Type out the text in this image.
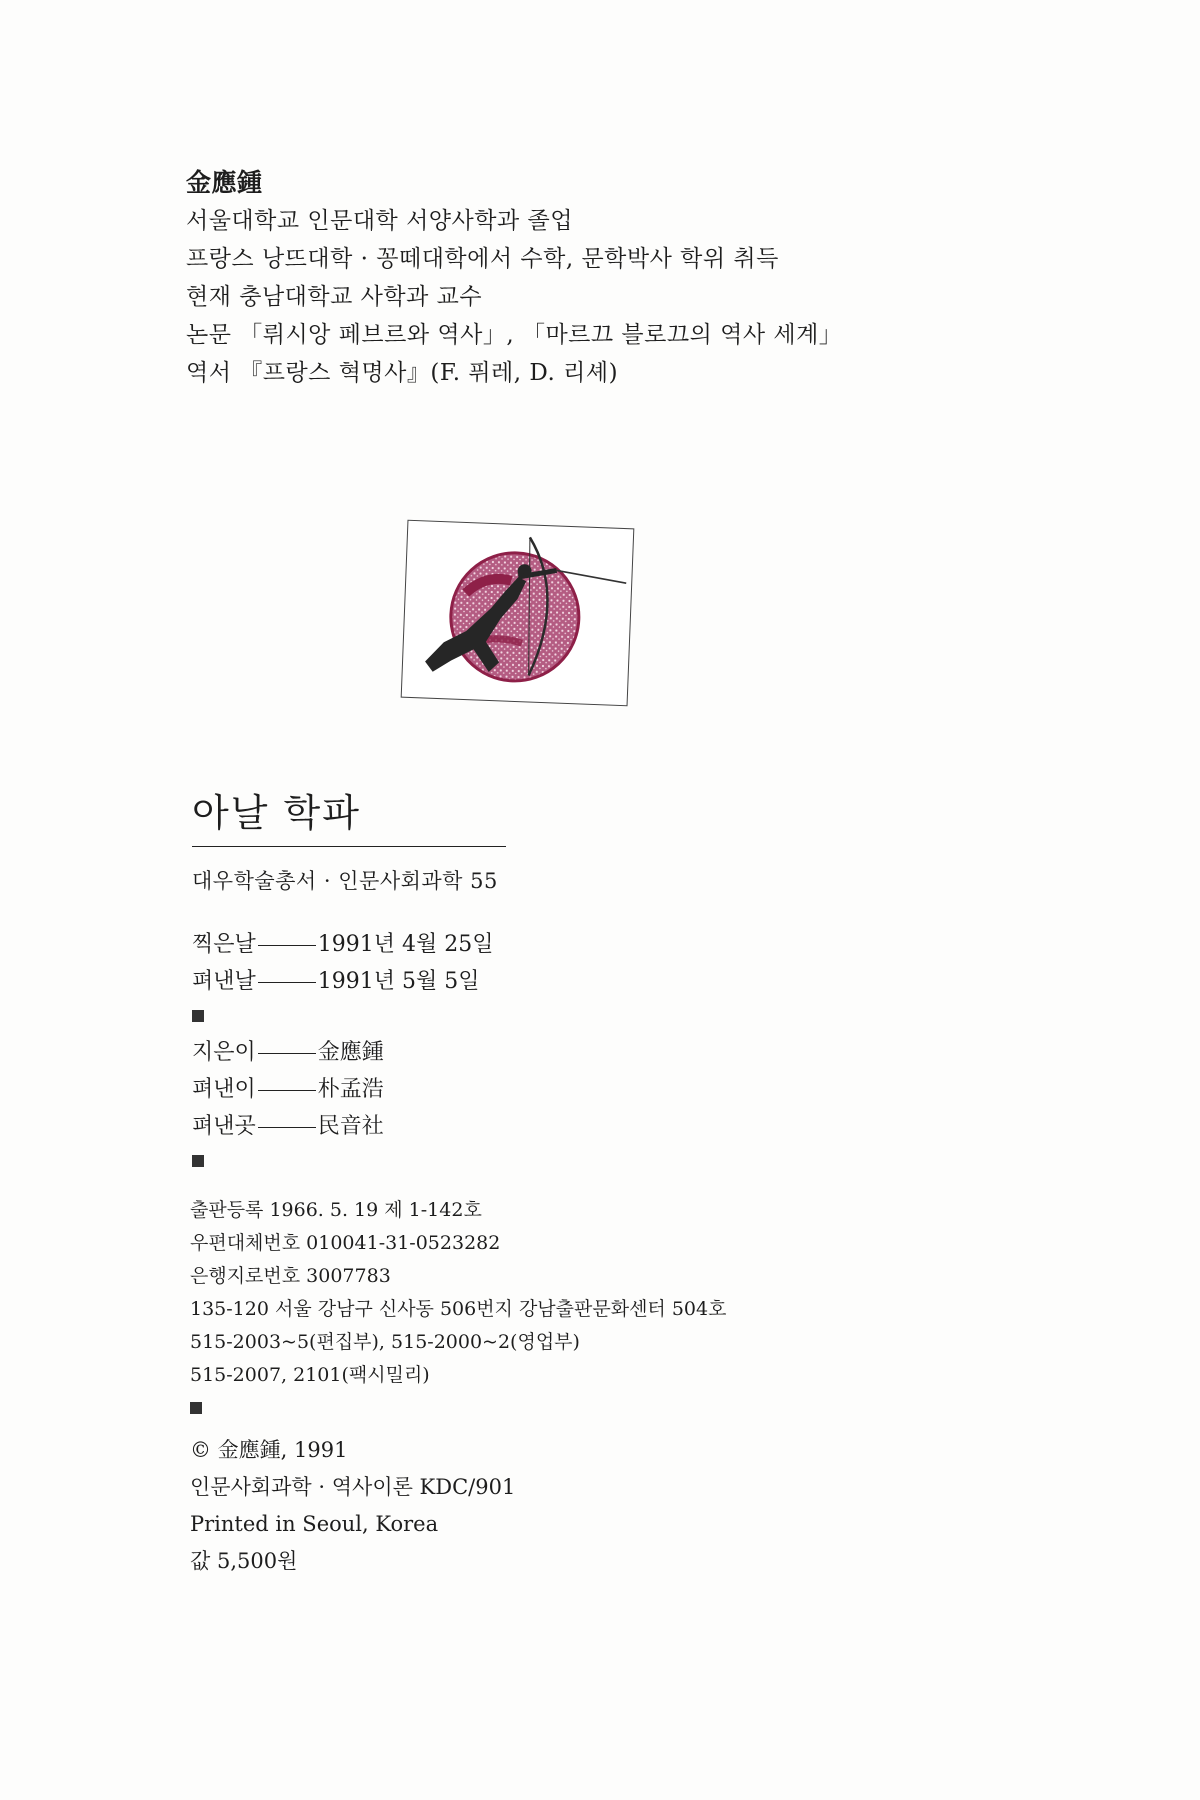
金應鍾
서울대학교 인문대학 서양사학과 졸업
프랑스 낭뜨대학 · 꽁떼대학에서 수학, 문학박사 학위 취득
현재 충남대학교 사학과 교수
논문 「뤼시앙 페브르와 역사」, 「마르끄 블로끄의 역사 세계」
역서 『프랑스 혁명사』(F. 퓌레, D. 리셰)
아날 학파
대우학술총서 · 인문사회과학 55
찍은날	1991년 4월 25일
펴낸날	1991년 5월 5일
지은이	金應鍾
펴낸이	朴孟浩
펴낸곳	民音社
출판등록 1966. 5. 19 제 1-142호
우편대체번호 010041-31-0523282
은행지로번호 3007783
135-120 서울 강남구 신사동 506번지 강남출판문화센터 504호
515-2003~5(편집부), 515-2000~2(영업부)
515-2007, 2101(팩시밀리)
© 金應鍾, 1991
인문사회과학 · 역사이론 KDC/901
Printed in Seoul, Korea
값 5,500원
